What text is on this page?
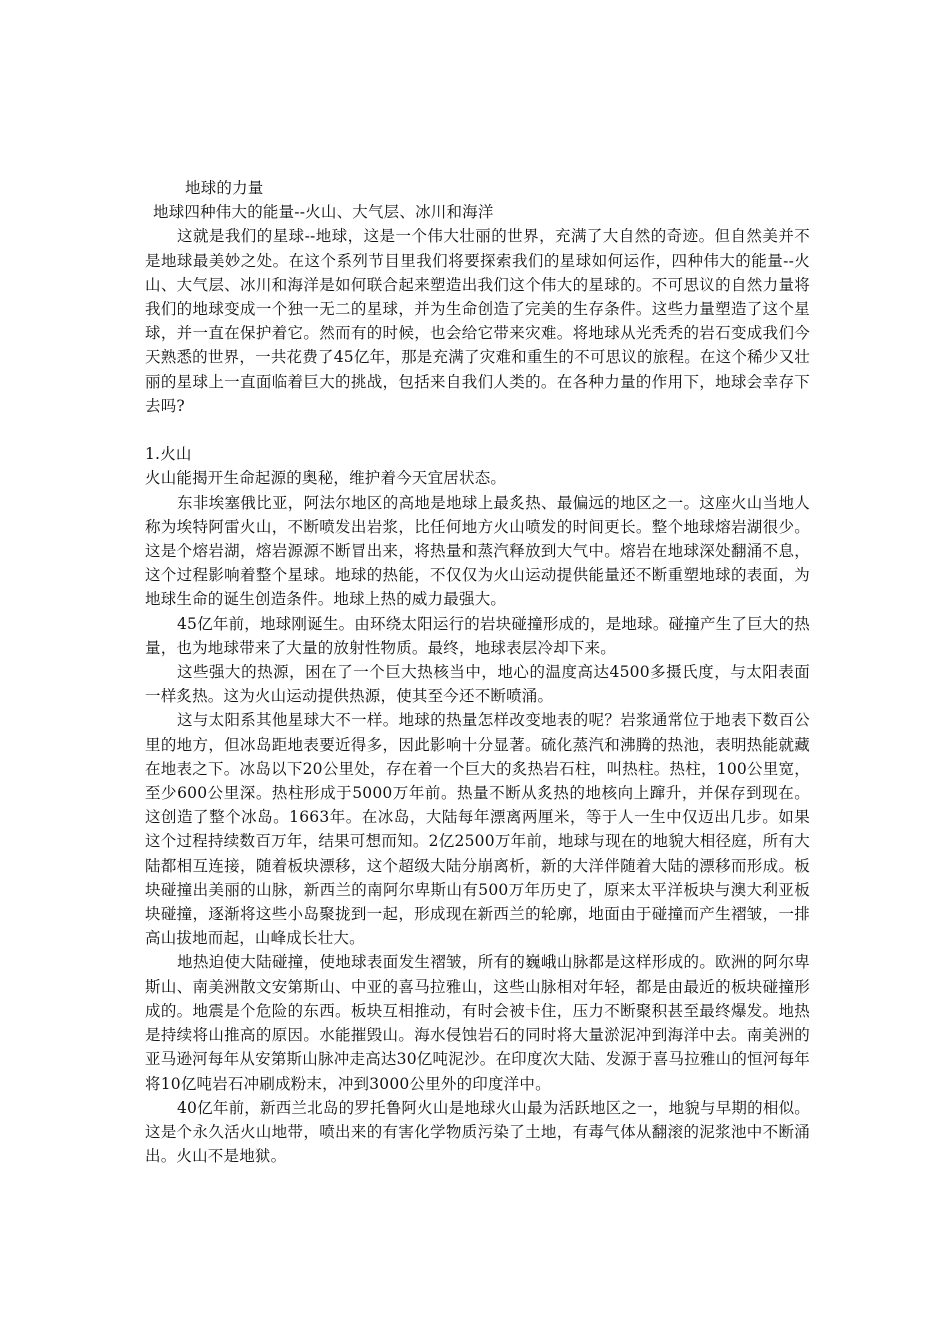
地球的力量

地球四种伟大的能量--火山、大气层、冰川和海洋

这就是我们的星球--地球，这是一个伟大壮丽的世界，充满了大自然的奇迹。但自然美并不是地球最美妙之处。在这个系列节目里我们将要探索我们的星球如何运作，四种伟大的能量--火山、大气层、冰川和海洋是如何联合起来塑造出我们这个伟大的星球的。不可思议的自然力量将我们的地球变成一个独一无二的星球，并为生命创造了完美的生存条件。这些力量塑造了这个星球，并一直在保护着它。然而有的时候，也会给它带来灾难。将地球从光秃秃的岩石变成我们今天熟悉的世界，一共花费了45亿年，那是充满了灾难和重生的不可思议的旅程。在这个稀少又壮丽的星球上一直面临着巨大的挑战，包括来自我们人类的。在各种力量的作用下，地球会幸存下去吗?

1.火山

火山能揭开生命起源的奥秘，维护着今天宜居状态。

东非埃塞俄比亚，阿法尔地区的高地是地球上最炙热、最偏远的地区之一。这座火山当地人称为埃特阿雷火山，不断喷发出岩浆，比任何地方火山喷发的时间更长。整个地球熔岩湖很少。这是个熔岩湖，熔岩源源不断冒出来，将热量和蒸汽释放到大气中。熔岩在地球深处翻涌不息，这个过程影响着整个星球。地球的热能，不仅仅为火山运动提供能量还不断重塑地球的表面，为地球生命的诞生创造条件。地球上热的威力最强大。

45亿年前，地球刚诞生。由环绕太阳运行的岩块碰撞形成的，是地球。碰撞产生了巨大的热量，也为地球带来了大量的放射性物质。最终，地球表层冷却下来。

这些强大的热源，困在了一个巨大热核当中，地心的温度高达4500多摄氏度，与太阳表面一样炙热。这为火山运动提供热源，使其至今还不断喷涌。

这与太阳系其他星球大不一样。地球的热量怎样改变地表的呢？岩浆通常位于地表下数百公里的地方，但冰岛距地表要近得多，因此影响十分显著。硫化蒸汽和沸腾的热池，表明热能就藏在地表之下。冰岛以下20公里处，存在着一个巨大的炙热岩石柱，叫热柱。热柱，100公里宽，至少600公里深。热柱形成于5000万年前。热量不断从炙热的地核向上蹿升，并保存到现在。这创造了整个冰岛。1663年。在冰岛，大陆每年漂离两厘米，等于人一生中仅迈出几步。如果这个过程持续数百万年，结果可想而知。2亿2500万年前，地球与现在的地貌大相径庭，所有大陆都相互连接，随着板块漂移，这个超级大陆分崩离析，新的大洋伴随着大陆的漂移而形成。板块碰撞出美丽的山脉，新西兰的南阿尔卑斯山有500万年历史了，原来太平洋板块与澳大利亚板块碰撞，逐渐将这些小岛聚拢到一起，形成现在新西兰的轮廓，地面由于碰撞而产生褶皱，一排高山拔地而起，山峰成长壮大。

地热迫使大陆碰撞，使地球表面发生褶皱，所有的巍峨山脉都是这样形成的。欧洲的阿尔卑斯山、南美洲散文安第斯山、中亚的喜马拉雅山，这些山脉相对年轻，都是由最近的板块碰撞形成的。地震是个危险的东西。板块互相推动，有时会被卡住，压力不断聚积甚至最终爆发。地热是持续将山推高的原因。水能摧毁山。海水侵蚀岩石的同时将大量淤泥冲到海洋中去。南美洲的亚马逊河每年从安第斯山脉冲走高达30亿吨泥沙。在印度次大陆、发源于喜马拉雅山的恒河每年将10亿吨岩石冲刷成粉末，冲到3000公里外的印度洋中。

40亿年前，新西兰北岛的罗托鲁阿火山是地球火山最为活跃地区之一，地貌与早期的相似。这是个永久活火山地带，喷出来的有害化学物质污染了土地，有毒气体从翻滚的泥浆池中不断涌出。火山不是地狱。
